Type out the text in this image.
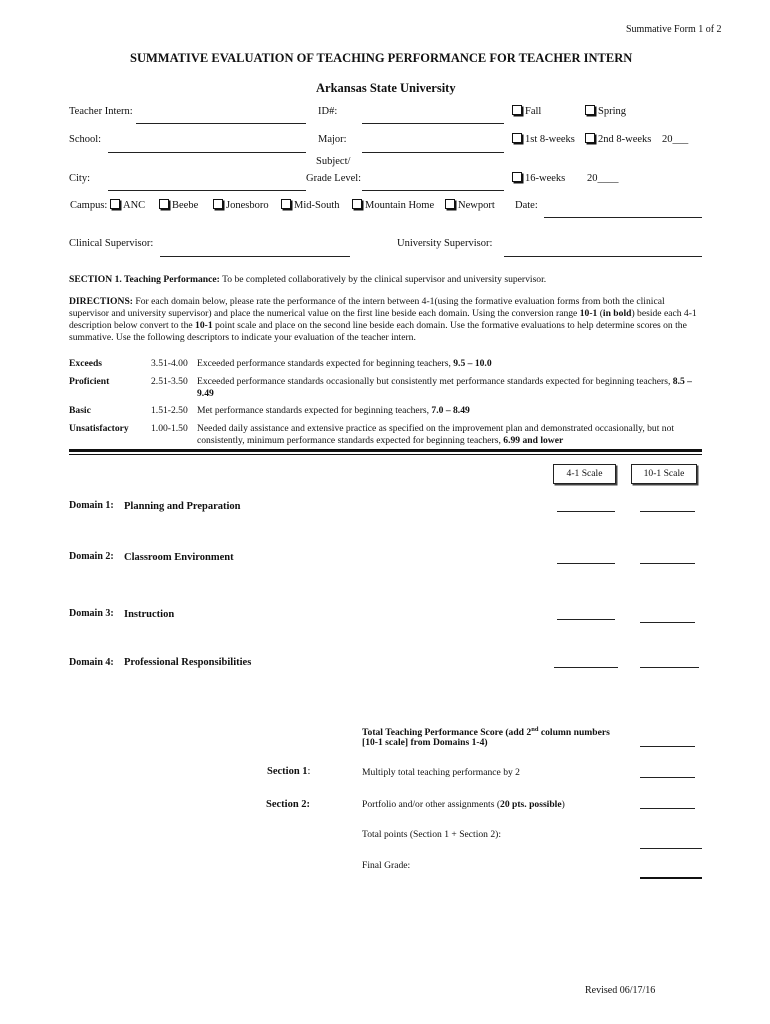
Summative Form 1 of 2
SUMMATIVE EVALUATION OF TEACHING PERFORMANCE FOR TEACHER INTERN
Arkansas State University
Teacher Intern:	ID#:	Fall	Spring
School:	Major:	1st 8-weeks	2nd 8-weeks 20___
Subject/
City:	Grade Level:	16-weeks 20____
Campus:	ANC	Beebe	Jonesboro	Mid-South	Mountain Home	Newport Date:
Clinical Supervisor:	University Supervisor:
SECTION 1. Teaching Performance: To be completed collaboratively by the clinical supervisor and university supervisor.
DIRECTIONS: For each domain below, please rate the performance of the intern between 4-1(using the formative evaluation forms from both the clinical supervisor and university supervisor) and place the numerical value on the first line beside each domain. Using the conversion range 10-1 (in bold) beside each 4-1 description below convert to the 10-1 point scale and place on the second line beside each domain. Use the formative evaluations to help determine scores on the summative. Use the following descriptors to indicate your evaluation of the teacher intern.
Exceeds	3.51-4.00 Exceeded performance standards expected for beginning teachers, 9.5 – 10.0
Proficient	2.51-3.50 Exceeded performance standards occasionally but consistently met performance standards expected for beginning teachers, 8.5 – 9.49
Basic	1.51-2.50 Met performance standards expected for beginning teachers, 7.0 – 8.49
Unsatisfactory 1.00-1.50 Needed daily assistance and extensive practice as specified on the improvement plan and demonstrated occasionally, but not consistently, minimum performance standards expected for beginning teachers, 6.99 and lower
4-1 Scale	10-1 Scale
Domain 1: Planning and Preparation
Domain 2: Classroom Environment
Domain 3: Instruction
Domain 4: Professional Responsibilities
Total Teaching Performance Score (add 2nd column numbers
[10-1 scale] from Domains 1-4)
Section 1:	Multiply total teaching performance by 2
Section 2:	Portfolio and/or other assignments (20 pts. possible)
Total points (Section 1 + Section 2):
Final Grade:
Revised 06/17/16
